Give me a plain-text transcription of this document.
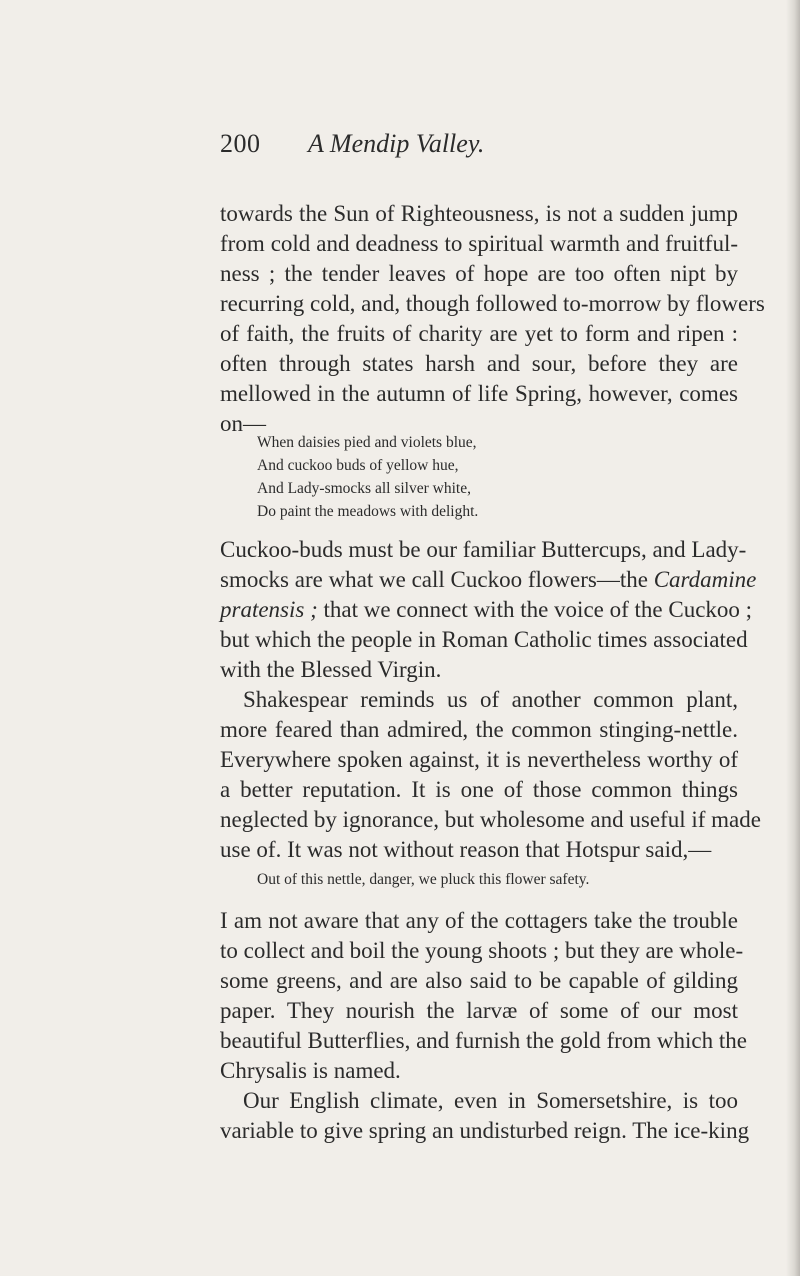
200 A Mendip Valley.

towards the Sun of Righteousness, is not a sudden jump
from cold and deadness to spiritual warmth and fruitful-
ness ; the tender leaves of hope are too often nipt by
recurring cold, and, though followed to-morrow by flowers
of faith, the fruits of charity are yet to form and ripen :
often through states harsh and sour, before they are
mellowed in the autumn of life Spring, however, comes
on—

When daisies pied and violets blue,
And cuckoo buds of yellow hue,
And Lady-smocks all silver white,
Do paint the meadows with delight.

Cuckoo-buds must be our familiar Buttercups, and Lady-
smocks are what we call Cuckoo flowers—the Cardamine
pratensis ; that we connect with the voice of the Cuckoo ;
but which the people in Roman Catholic times associated
with the Blessed Virgin.

Shakespear reminds us of another common plant,
more feared than admired, the common stinging-nettle.
Everywhere spoken against, it is nevertheless worthy of
a better reputation. It is one of those common things
neglected by ignorance, but wholesome and useful if made
use of. It was not without reason that Hotspur said,—

Out of this nettle, danger, we pluck this flower safety.

I am not aware that any of the cottagers take the trouble
to collect and boil the young shoots ; but they are whole-
some greens, and are also said to be capable of gilding
paper. They nourish the larvæ of some of our most
beautiful Butterflies, and furnish the gold from which the
Chrysalis is named.

Our English climate, even in Somersetshire, is too
variable to give spring an undisturbed reign. The ice-king
